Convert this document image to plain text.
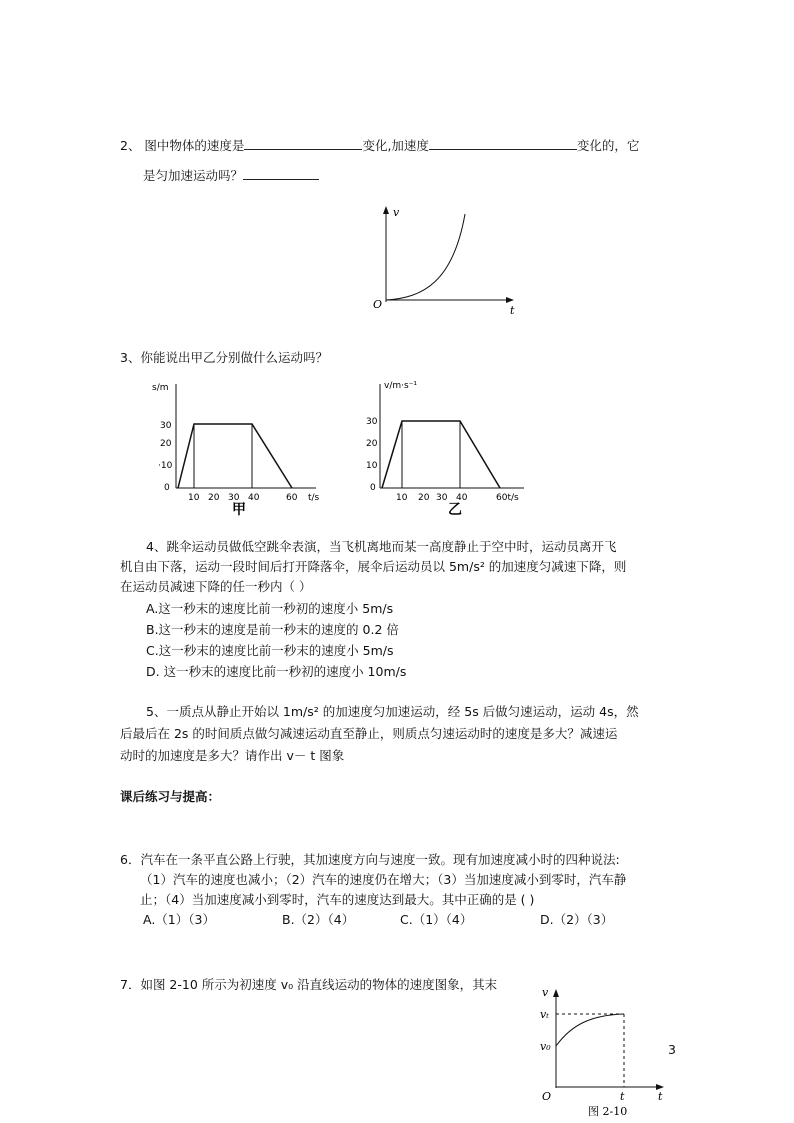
2、 图中物体的速度是	变化,加速度	变化的，它
是匀加速运动吗？
v
O	t
3、你能说出甲乙分别做什么运动吗？
s/m
30
20
·10
0
10 20 30 40	60 t/s
甲
v/m·s⁻¹
30
20
10
0
10 20 30 40	60t/s
乙
4、跳伞运动员做低空跳伞表演，当飞机离地而某一高度静止于空中时，运动员离开飞
机自由下落，运动一段时间后打开降落伞，展伞后运动员以 5m/s² 的加速度匀减速下降，则
在运动员减速下降的任一秒内（ ）
A.这一秒末的速度比前一秒初的速度小 5m/s
B.这一秒末的速度是前一秒末的速度的 0.2 倍
C.这一秒末的速度比前一秒末的速度小 5m/s
D. 这一秒末的速度比前一秒初的速度小 10m/s
5、一质点从静止开始以 1m/s² 的加速度匀加速运动，经 5s 后做匀速运动，运动 4s，然
后最后在 2s 的时间质点做匀减速运动直至静止，则质点匀速运动时的速度是多大？减速运
动时的加速度是多大？请作出 v－ t 图象
课后练习与提高：
6．汽车在一条平直公路上行驶，其加速度方向与速度一致。现有加速度减小时的四种说法:
（1）汽车的速度也减小；（2）汽车的速度仍在增大；（3）当加速度减小到零时，汽车静
止；（4）当加速度减小到零时，汽车的速度达到最大。其中正确的是 ( )
A.（1）（3）	B.（2）（4）	C.（1）（4）	D.（2）（3）
7．如图 2-10 所示为初速度 v₀ 沿直线运动的物体的速度图象，其末
v
vₜ
v₀
O	t	t
图 2-10
3
